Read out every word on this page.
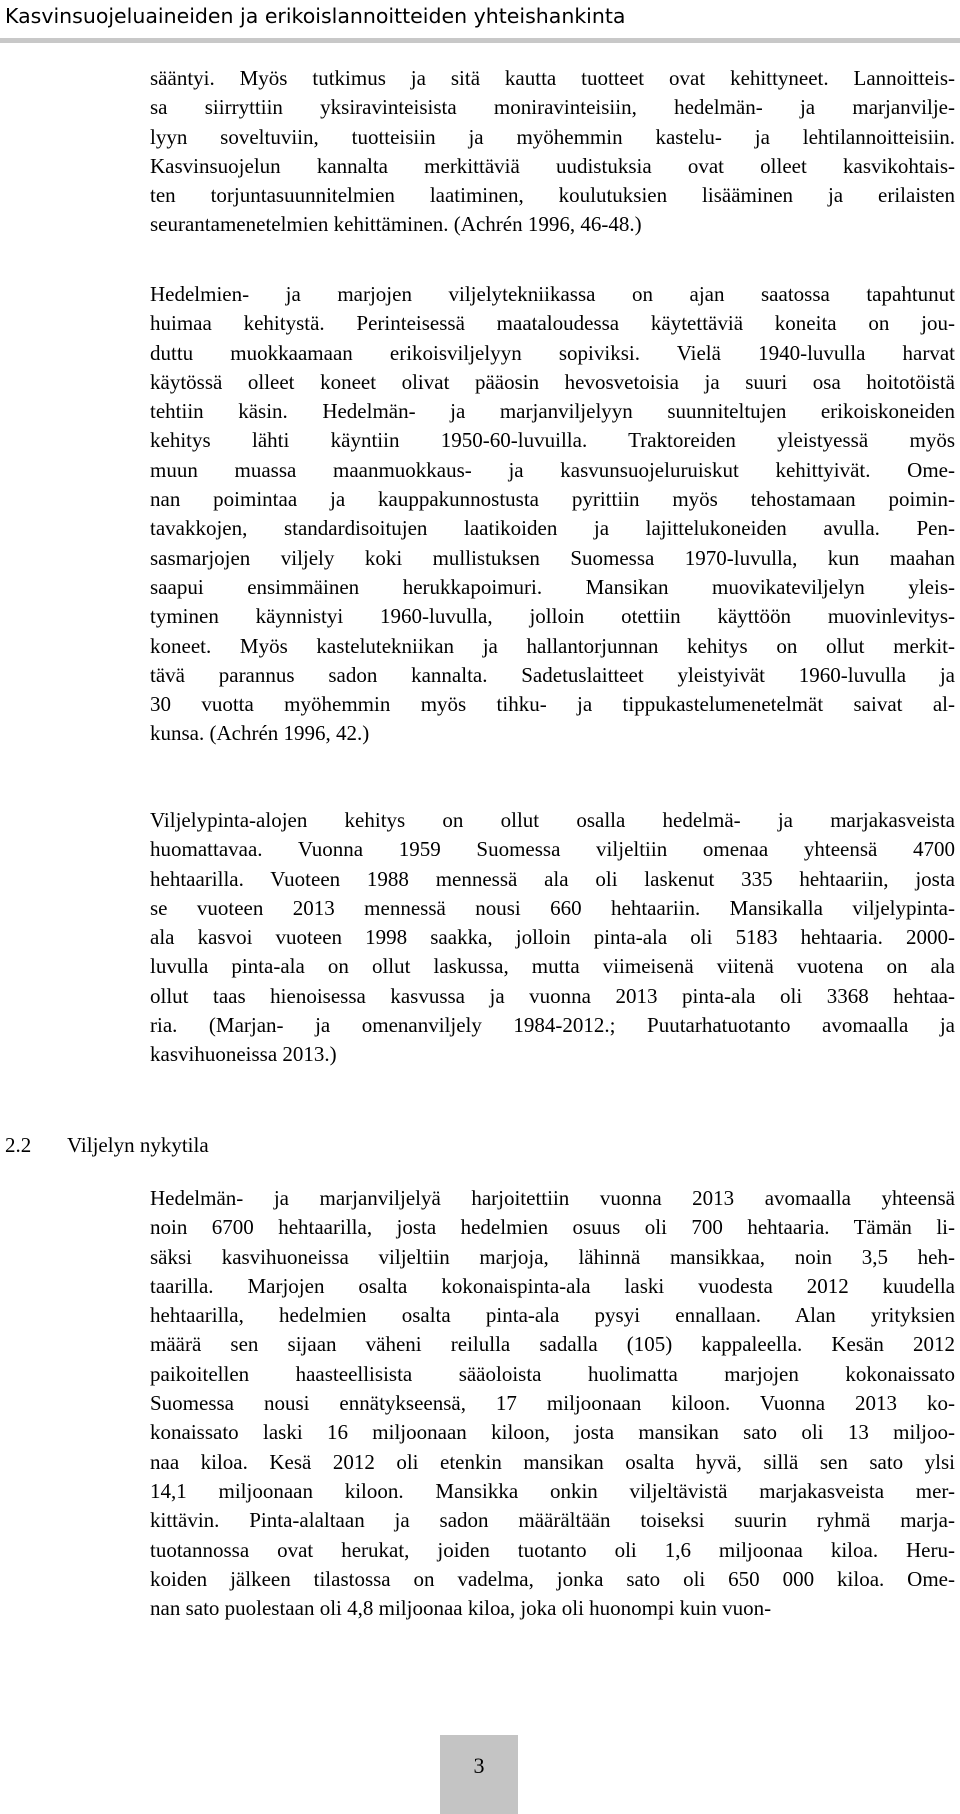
Kasvinsuojeluaineiden ja erikoislannoitteiden yhteishankinta
sääntyi. Myös tutkimus ja sitä kautta tuotteet ovat kehittyneet. Lannoitteis-
sa siirryttiin yksiravinteisista moniravinteisiin, hedelmän- ja marjanvilje-
lyyn soveltuviin, tuotteisiin ja myöhemmin kastelu- ja lehtilannoitteisiin.
Kasvinsuojelun kannalta merkittäviä uudistuksia ovat olleet kasvikohtais-
ten torjuntasuunnitelmien laatiminen, koulutuksien lisääminen ja erilaisten
seurantamenetelmien kehittäminen. (Achrén 1996, 46-48.)
Hedelmien- ja marjojen viljelytekniikassa on ajan saatossa tapahtunut
huimaa kehitystä. Perinteisessä maataloudessa käytettäviä koneita on jou-
duttu muokkaamaan erikoisviljelyyn sopiviksi. Vielä 1940-luvulla harvat
käytössä olleet koneet olivat pääosin hevosvetoisia ja suuri osa hoitotöistä
tehtiin käsin. Hedelmän- ja marjanviljelyyn suunniteltujen erikoiskoneiden
kehitys lähti käyntiin 1950-60-luvuilla. Traktoreiden yleistyessä myös
muun muassa maanmuokkaus- ja kasvunsuojeluruiskut kehittyivät. Ome-
nan poimintaa ja kauppakunnostusta pyrittiin myös tehostamaan poimin-
tavakkojen, standardisoitujen laatikoiden ja lajittelukoneiden avulla. Pen-
sasmarjojen viljely koki mullistuksen Suomessa 1970-luvulla, kun maahan
saapui ensimmäinen herukkapoimuri. Mansikan muovikateviljelyn yleis-
tyminen käynnistyi 1960-luvulla, jolloin otettiin käyttöön muovinlevitys-
koneet. Myös kastelutekniikan ja hallantorjunnan kehitys on ollut merkit-
tävä parannus sadon kannalta. Sadetuslaitteet yleistyivät 1960-luvulla ja
30 vuotta myöhemmin myös tihku- ja tippukastelumenetelmät saivat al-
kunsa. (Achrén 1996, 42.)
Viljelypinta-alojen kehitys on ollut osalla hedelmä- ja marjakasveista
huomattavaa. Vuonna 1959 Suomessa viljeltiin omenaa yhteensä 4700
hehtaarilla. Vuoteen 1988 mennessä ala oli laskenut 335 hehtaariin, josta
se vuoteen 2013 mennessä nousi 660 hehtaariin. Mansikalla viljelypinta-
ala kasvoi vuoteen 1998 saakka, jolloin pinta-ala oli 5183 hehtaaria. 2000-
luvulla pinta-ala on ollut laskussa, mutta viimeisenä viitenä vuotena on ala
ollut taas hienoisessa kasvussa ja vuonna 2013 pinta-ala oli 3368 hehtaa-
ria. (Marjan- ja omenanviljely 1984-2012.; Puutarhatuotanto avomaalla ja
kasvihuoneissa 2013.)
2.2 Viljelyn nykytila
Hedelmän- ja marjanviljelyä harjoitettiin vuonna 2013 avomaalla yhteensä
noin 6700 hehtaarilla, josta hedelmien osuus oli 700 hehtaaria. Tämän li-
säksi kasvihuoneissa viljeltiin marjoja, lähinnä mansikkaa, noin 3,5 heh-
taarilla. Marjojen osalta kokonaispinta-ala laski vuodesta 2012 kuudella
hehtaarilla, hedelmien osalta pinta-ala pysyi ennallaan. Alan yrityksien
määrä sen sijaan väheni reilulla sadalla (105) kappaleella. Kesän 2012
paikoitellen haasteellisista sääoloista huolimatta marjojen kokonaissato
Suomessa nousi ennätykseensä, 17 miljoonaan kiloon. Vuonna 2013 ko-
konaissato laski 16 miljoonaan kiloon, josta mansikan sato oli 13 miljoo-
naa kiloa. Kesä 2012 oli etenkin mansikan osalta hyvä, sillä sen sato ylsi
14,1 miljoonaan kiloon. Mansikka onkin viljeltävistä marjakasveista mer-
kittävin. Pinta-alaltaan ja sadon määrältään toiseksi suurin ryhmä marja-
tuotannossa ovat herukat, joiden tuotanto oli 1,6 miljoonaa kiloa. Heru-
koiden jälkeen tilastossa on vadelma, jonka sato oli 650 000 kiloa. Ome-
nan sato puolestaan oli 4,8 miljoonaa kiloa, joka oli huonompi kuin vuon-
3
